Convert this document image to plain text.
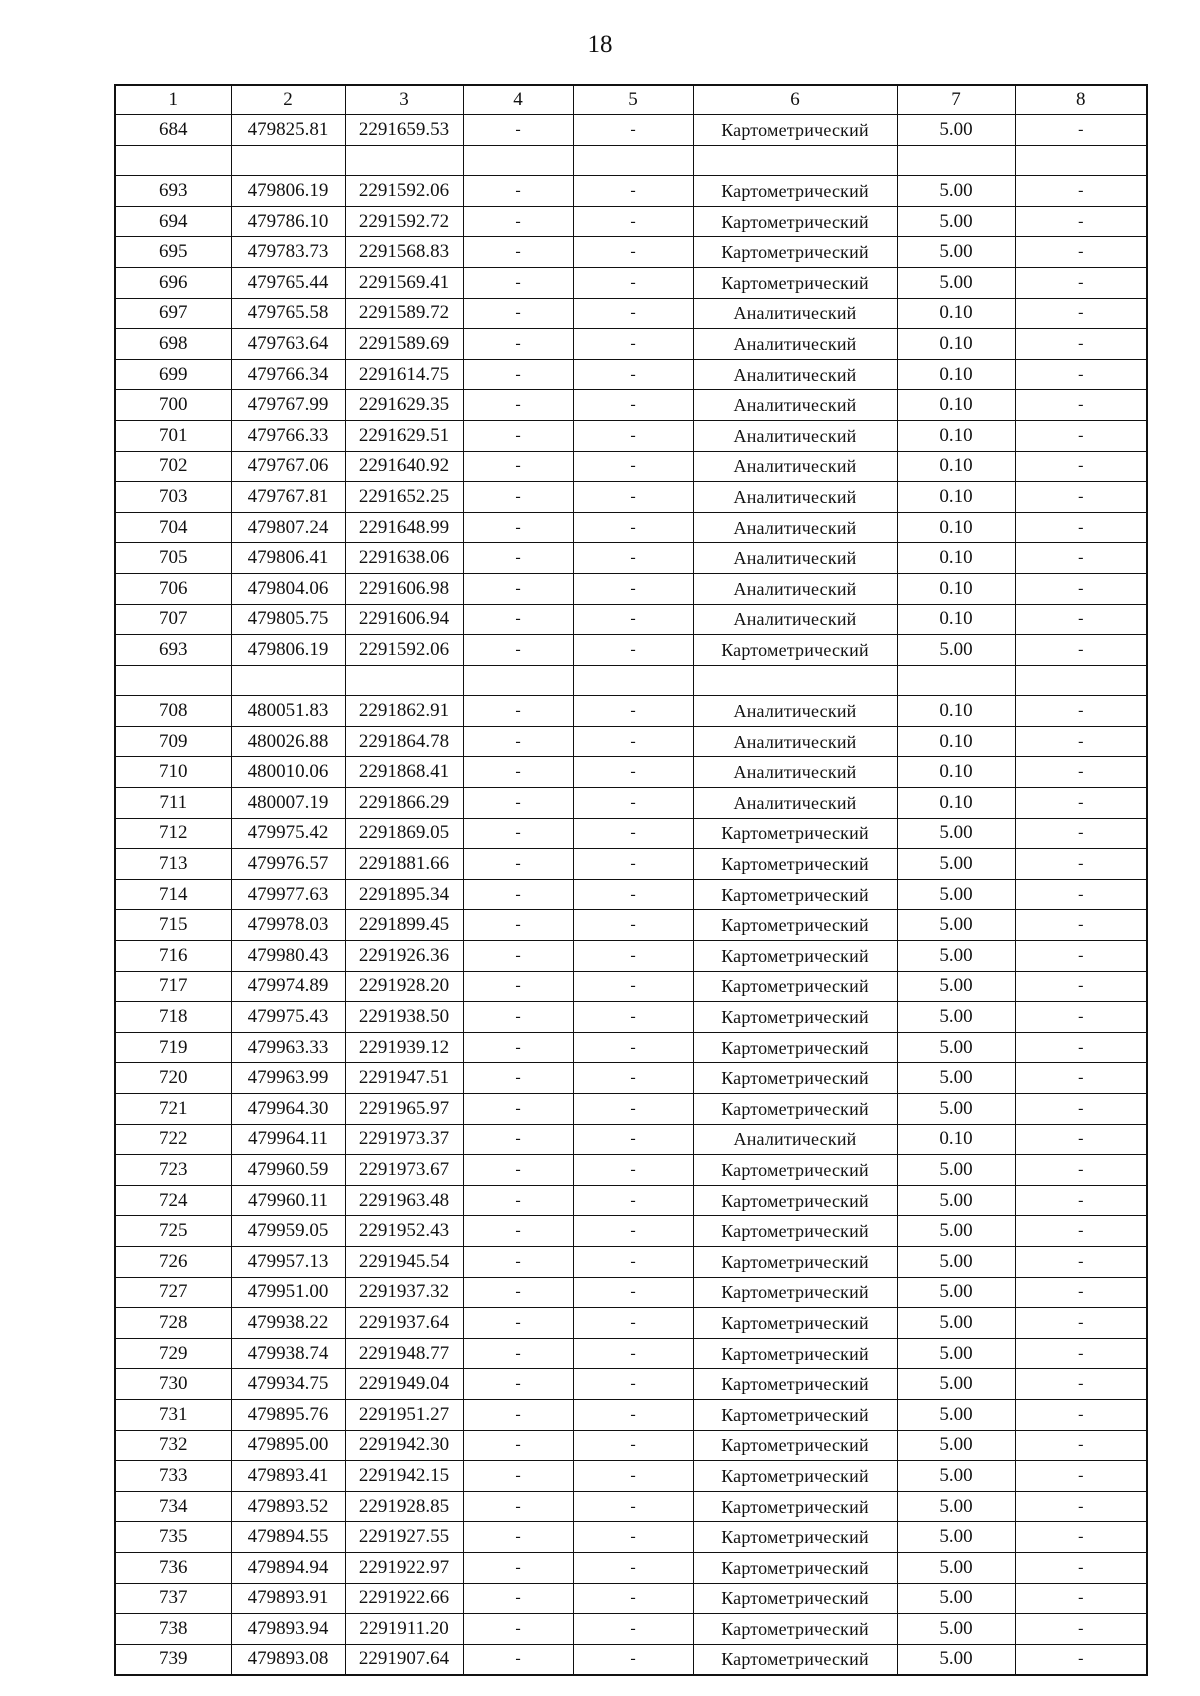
18
1	2	3	4	5	6	7	8
684	479825.81	2291659.53	-	-	Картометрический	5.00	-

693	479806.19	2291592.06	-	-	Картометрический	5.00	-
694	479786.10	2291592.72	-	-	Картометрический	5.00	-
695	479783.73	2291568.83	-	-	Картометрический	5.00	-
696	479765.44	2291569.41	-	-	Картометрический	5.00	-
697	479765.58	2291589.72	-	-	Аналитический	0.10	-
698	479763.64	2291589.69	-	-	Аналитический	0.10	-
699	479766.34	2291614.75	-	-	Аналитический	0.10	-
700	479767.99	2291629.35	-	-	Аналитический	0.10	-
701	479766.33	2291629.51	-	-	Аналитический	0.10	-
702	479767.06	2291640.92	-	-	Аналитический	0.10	-
703	479767.81	2291652.25	-	-	Аналитический	0.10	-
704	479807.24	2291648.99	-	-	Аналитический	0.10	-
705	479806.41	2291638.06	-	-	Аналитический	0.10	-
706	479804.06	2291606.98	-	-	Аналитический	0.10	-
707	479805.75	2291606.94	-	-	Аналитический	0.10	-
693	479806.19	2291592.06	-	-	Картометрический	5.00	-

708	480051.83	2291862.91	-	-	Аналитический	0.10	-
709	480026.88	2291864.78	-	-	Аналитический	0.10	-
710	480010.06	2291868.41	-	-	Аналитический	0.10	-
711	480007.19	2291866.29	-	-	Аналитический	0.10	-
712	479975.42	2291869.05	-	-	Картометрический	5.00	-
713	479976.57	2291881.66	-	-	Картометрический	5.00	-
714	479977.63	2291895.34	-	-	Картометрический	5.00	-
715	479978.03	2291899.45	-	-	Картометрический	5.00	-
716	479980.43	2291926.36	-	-	Картометрический	5.00	-
717	479974.89	2291928.20	-	-	Картометрический	5.00	-
718	479975.43	2291938.50	-	-	Картометрический	5.00	-
719	479963.33	2291939.12	-	-	Картометрический	5.00	-
720	479963.99	2291947.51	-	-	Картометрический	5.00	-
721	479964.30	2291965.97	-	-	Картометрический	5.00	-
722	479964.11	2291973.37	-	-	Аналитический	0.10	-
723	479960.59	2291973.67	-	-	Картометрический	5.00	-
724	479960.11	2291963.48	-	-	Картометрический	5.00	-
725	479959.05	2291952.43	-	-	Картометрический	5.00	-
726	479957.13	2291945.54	-	-	Картометрический	5.00	-
727	479951.00	2291937.32	-	-	Картометрический	5.00	-
728	479938.22	2291937.64	-	-	Картометрический	5.00	-
729	479938.74	2291948.77	-	-	Картометрический	5.00	-
730	479934.75	2291949.04	-	-	Картометрический	5.00	-
731	479895.76	2291951.27	-	-	Картометрический	5.00	-
732	479895.00	2291942.30	-	-	Картометрический	5.00	-
733	479893.41	2291942.15	-	-	Картометрический	5.00	-
734	479893.52	2291928.85	-	-	Картометрический	5.00	-
735	479894.55	2291927.55	-	-	Картометрический	5.00	-
736	479894.94	2291922.97	-	-	Картометрический	5.00	-
737	479893.91	2291922.66	-	-	Картометрический	5.00	-
738	479893.94	2291911.20	-	-	Картометрический	5.00	-
739	479893.08	2291907.64	-	-	Картометрический	5.00	-
